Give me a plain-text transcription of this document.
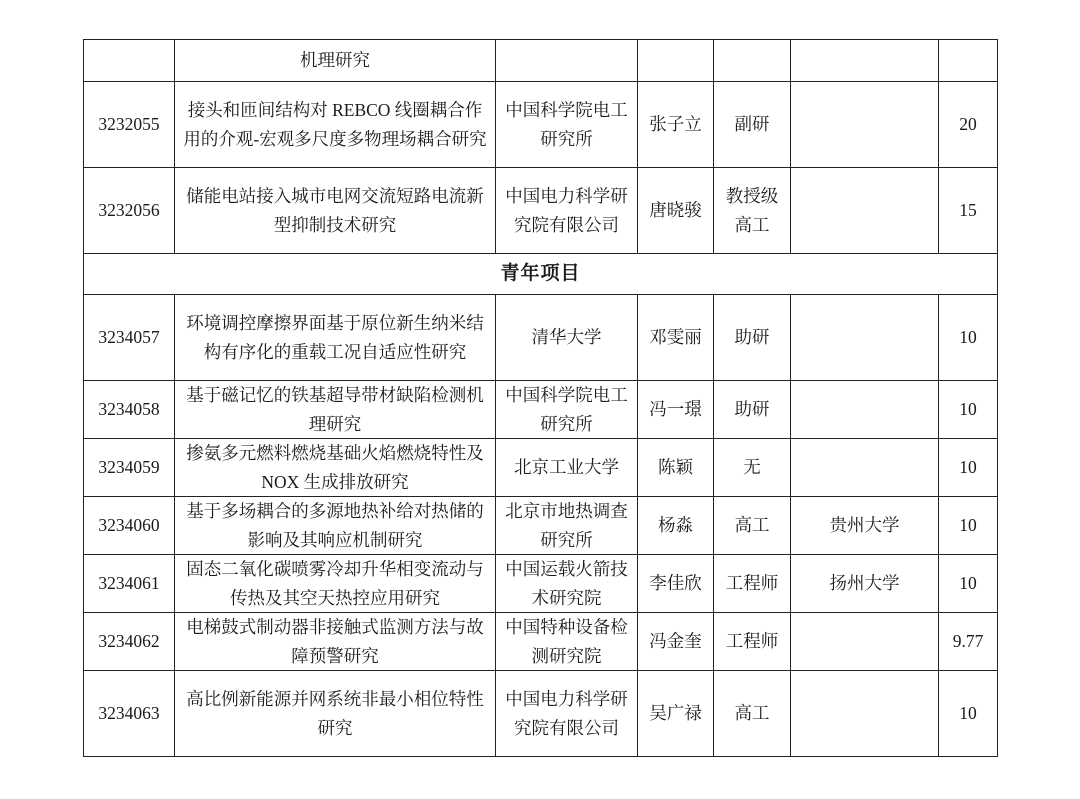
	机理研究					
3232055	接头和匝间结构对 REBCO 线圈耦合作用的介观-宏观多尺度多物理场耦合研究	中国科学院电工研究所	张子立	副研		20
3232056	储能电站接入城市电网交流短路电流新型抑制技术研究	中国电力科学研究院有限公司	唐晓骏	教授级高工		15
青年项目						
3234057	环境调控摩擦界面基于原位新生纳米结构有序化的重载工况自适应性研究	清华大学	邓雯丽	助研		10
3234058	基于磁记忆的铁基超导带材缺陷检测机理研究	中国科学院电工研究所	冯一璟	助研		10
3234059	掺氨多元燃料燃烧基础火焰燃烧特性及 NOX 生成排放研究	北京工业大学	陈颖	无		10
3234060	基于多场耦合的多源地热补给对热储的影响及其响应机制研究	北京市地热调查研究所	杨淼	高工	贵州大学	10
3234061	固态二氧化碳喷雾冷却升华相变流动与传热及其空天热控应用研究	中国运载火箭技术研究院	李佳欣	工程师	扬州大学	10
3234062	电梯鼓式制动器非接触式监测方法与故障预警研究	中国特种设备检测研究院	冯金奎	工程师		9.77
3234063	高比例新能源并网系统非最小相位特性研究	中国电力科学研究院有限公司	吴广禄	高工		10
